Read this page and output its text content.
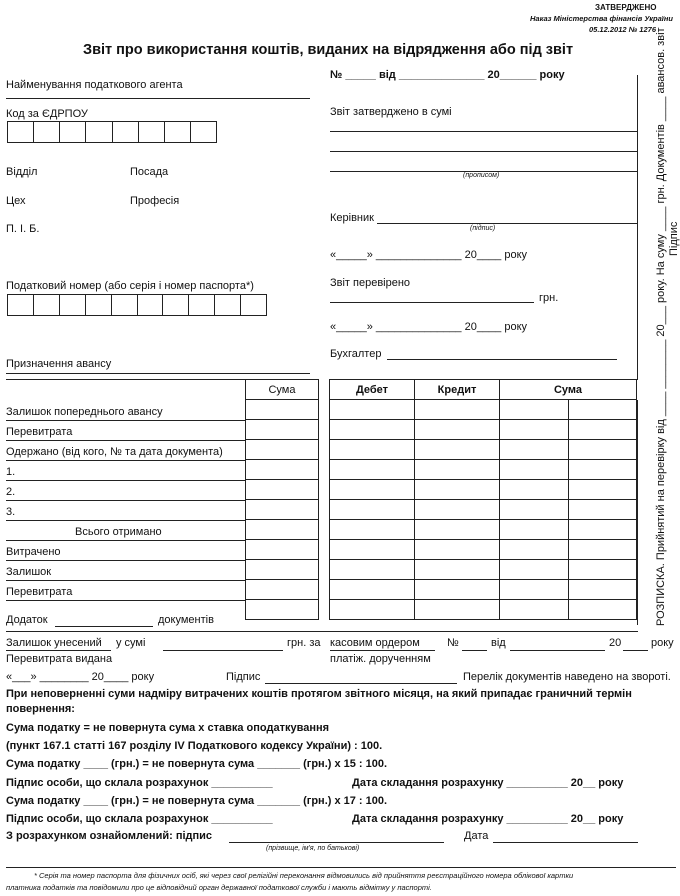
ЗАТВЕРДЖЕНО
Наказ Міністерства фінансів України
05.12.2012 № 1276
Звіт про використання коштів, виданих на відрядження або під звіт
Найменування податкового агента
Код за ЄДРПОУ
Відділ	Посада
Цех	Професія
П. І. Б.
Податковий номер (або серія і номер паспорта*)
Призначення авансу
№ _____ від ______________ 20______ року
Звіт затверджено в сумі
(прописом)
Керівник
(підпис)
«_____» ______________ 20____ року
Звіт перевірено
грн.
«_____» ______________ 20____ року
Бухгалтер	РОЗПИСКА. Прийнятий на перевірку від ____ ________ 20___ року. На суму ____ грн. Документів ____ авансов. звіт Підпис
Сума

Залишок попереднього авансу
Перевитрата
Одержано (від кого, № та дата документа)
1.
2.
3.
Всього отримано
Витрачено
Залишок
Перевитрата
Дебет	Кредит	Сума	

Додаток	документів
Залишок унесений у сумі	грн. за касовим ордером №	від	20	року
Перевитрата видана	платіж. дорученням
«___» ________ 20____ року	Підпис	Перелік документів наведено на звороті.
При неповерненні суми надміру витрачених коштів протягом звітного місяця, на який припадає граничний термін повернення:
Сума податку = не повернута сума х ставка оподаткування
(пункт 167.1 статті 167 розділу IV Податкового кодексу України) : 100.
Сума податку ____ (грн.) = не повернута сума _______ (грн.) х 15 : 100.
Підпис особи, що склала розрахунок __________	Дата складання розрахунку __________ 20__ року
Сума податку ____ (грн.) = не повернута сума _______ (грн.) х 17 : 100.
Підпис особи, що склала розрахунок __________	Дата складання розрахунку __________ 20__ року
З розрахунком ознайомлений: підпис	Дата
(прізвище, ім'я, по батькові)
* Серія та номер паспорта для фізичних осіб, які через свої релігійні переконання відмовились від прийняття реєстраційного номера облікової картки
платника податків та повідомили про це відповідний орган державної податкової служби і мають відмітку у паспорті.
